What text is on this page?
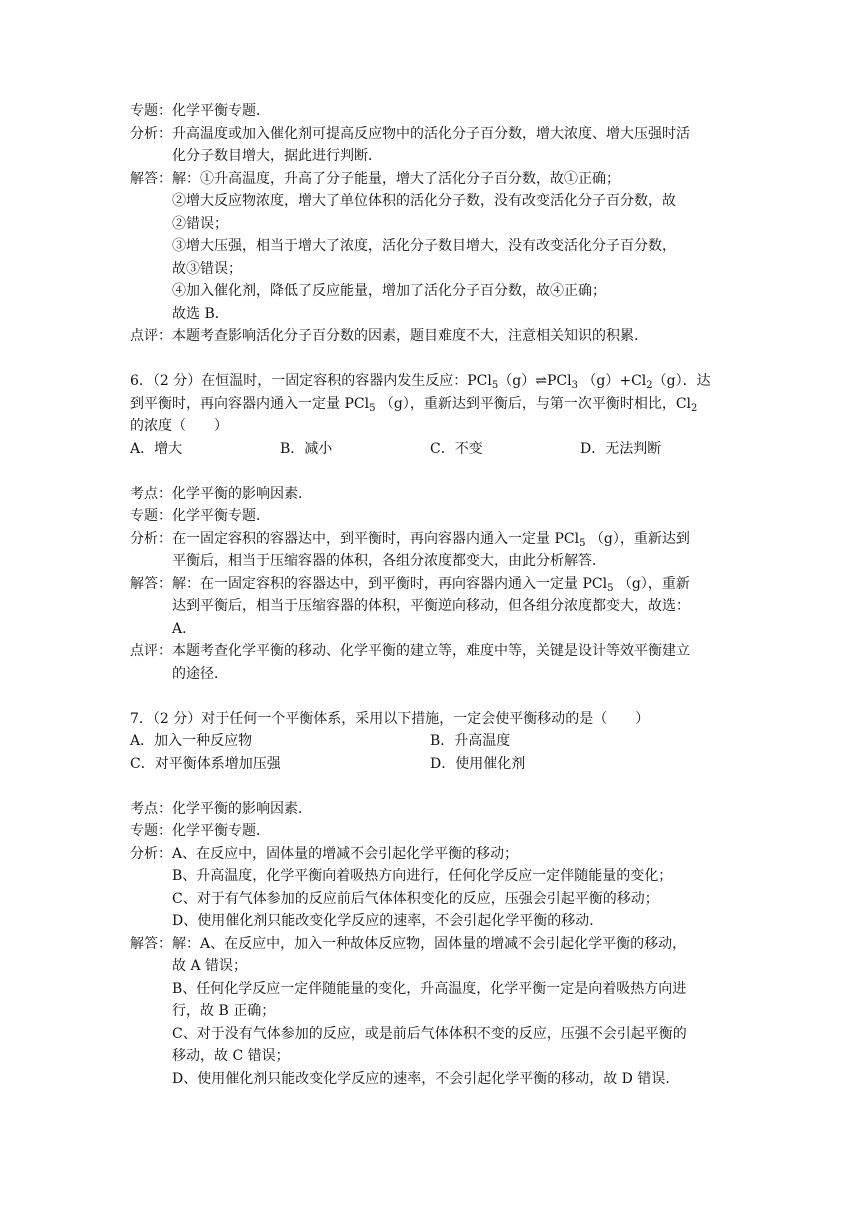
专题：化学平衡专题．
分析：升高温度或加入催化剂可提高反应物中的活化分子百分数，增大浓度、增大压强时活
化分子数目增大，据此进行判断．
解答：解：①升高温度，升高了分子能量，增大了活化分子百分数，故①正确；
②增大反应物浓度，增大了单位体积的活化分子数，没有改变活化分子百分数，故
②错误；
③增大压强，相当于增大了浓度，活化分子数目增大，没有改变活化分子百分数，
故③错误；
④加入催化剂，降低了反应能量，增加了活化分子百分数，故④正确；
故选 B．
点评：本题考查影响活化分子百分数的因素，题目难度不大，注意相关知识的积累．
6．（2 分）在恒温时，一固定容积的容器内发生反应：PCl$_5$（g）⇌PCl$_3$ $(g)+Cl_2(g)$．达
到平衡时，再向容器内通入一定量 PCl$_5$ （g），重新达到平衡后，与第一次平衡时相比，$Cl_2$
的浓度（　　）
A．增大	B．减小	C．不变	D．无法判断
考点：化学平衡的影响因素．
专题：化学平衡专题．
分析：在一固定容积的容器达中，到平衡时，再向容器内通入一定量 PCl$_5$ （g），重新达到
平衡后，相当于压缩容器的体积，各组分浓度都变大，由此分析解答．
解答：解：在一固定容积的容器达中，到平衡时，再向容器内通入一定量 PCl$_5$ （g），重新
达到平衡后，相当于压缩容器的体积，平衡逆向移动，但各组分浓度都变大，故选：
A．
点评：本题考查化学平衡的移动、化学平衡的建立等，难度中等，关键是设计等效平衡建立
的途径．
7．（2 分）对于任何一个平衡体系，采用以下措施，一定会使平衡移动的是（　　）
A．加入一种反应物	B．升高温度
C．对平衡体系增加压强	D．使用催化剂
考点：化学平衡的影响因素．
专题：化学平衡专题．
分析：A、在反应中，固体量的增减不会引起化学平衡的移动；
B、升高温度，化学平衡向着吸热方向进行，任何化学反应一定伴随能量的变化；
C、对于有气体参加的反应前后气体体积变化的反应，压强会引起平衡的移动；
D、使用催化剂只能改变化学反应的速率，不会引起化学平衡的移动．
解答：解：A、在反应中，加入一种故体反应物，固体量的增减不会引起化学平衡的移动，
故 A 错误；
B、任何化学反应一定伴随能量的变化，升高温度，化学平衡一定是向着吸热方向进
行，故 B 正确；
C、对于没有气体参加的反应，或是前后气体体积不变的反应，压强不会引起平衡的
移动，故 C 错误；
D、使用催化剂只能改变化学反应的速率，不会引起化学平衡的移动，故 D 错误．
